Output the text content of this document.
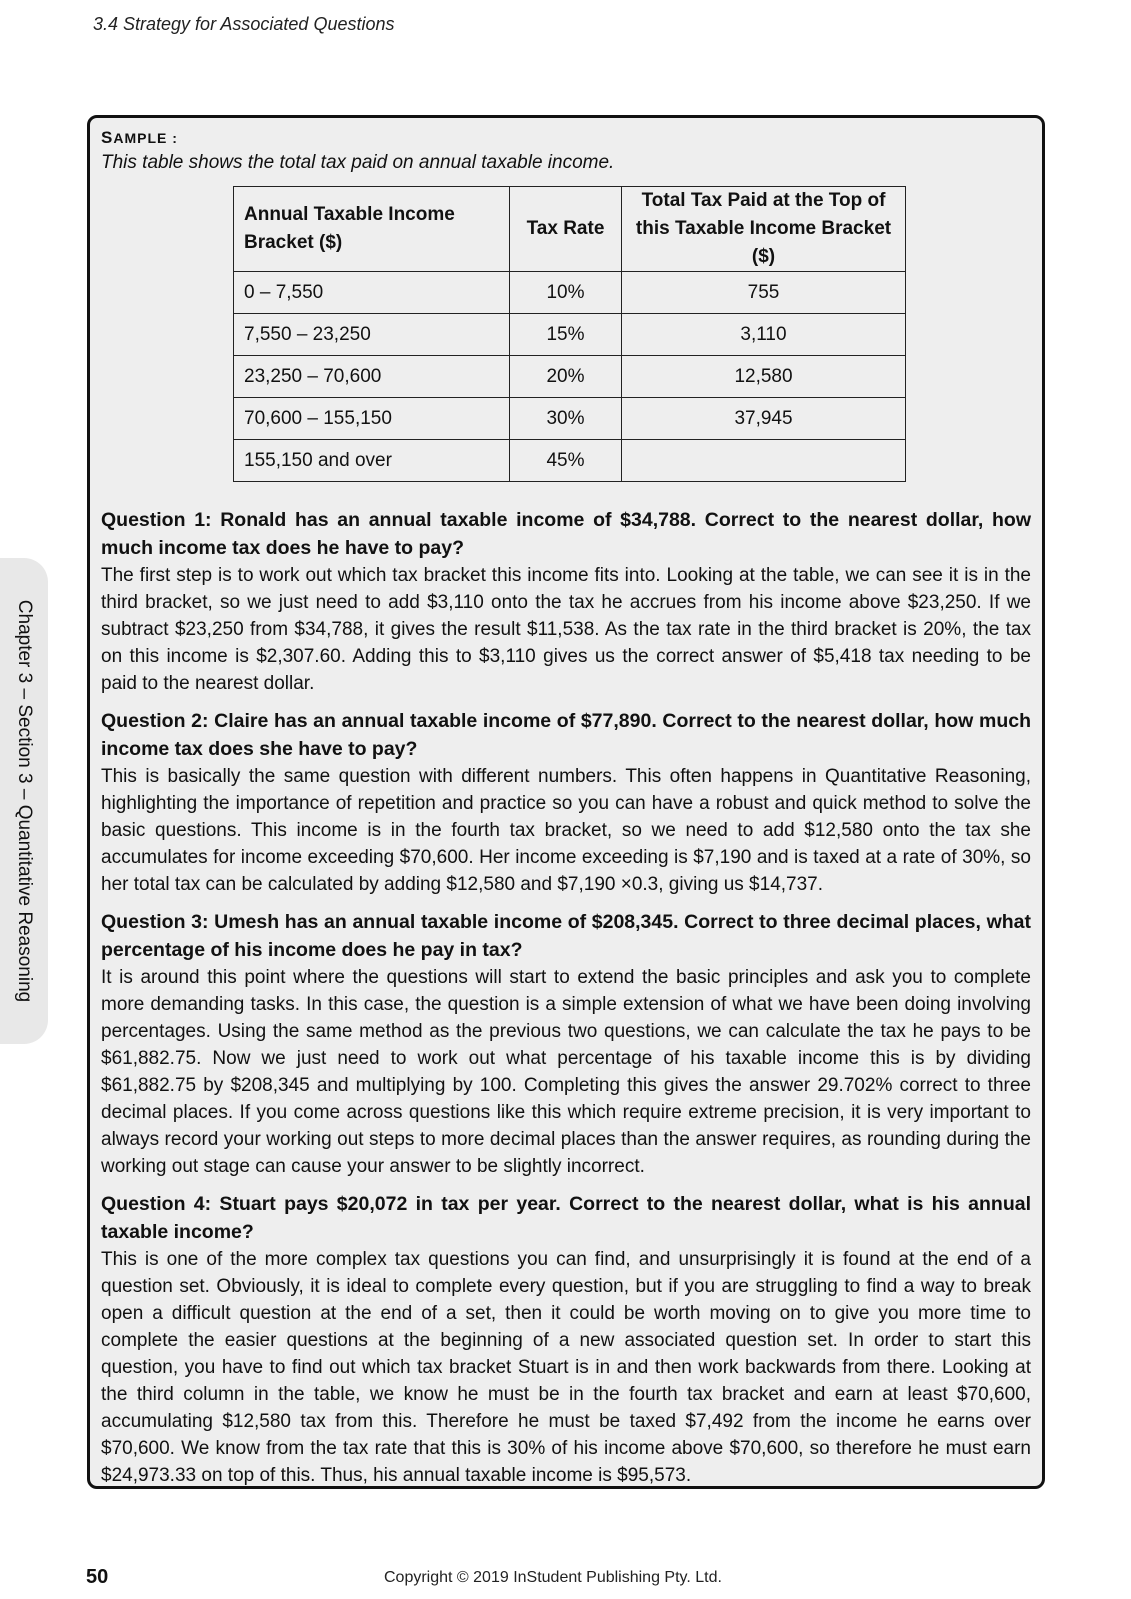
3.4 Strategy for Associated Questions
Chapter 3 – Section 3 – Quantitative Reasoning
SAMPLE :
This table shows the total tax paid on annual taxable income.
Annual Taxable Income Bracket ($)	Tax Rate	Total Tax Paid at the Top of this Taxable Income Bracket ($)
0 – 7,550	10%	755
7,550 – 23,250	15%	3,110
23,250 – 70,600	20%	12,580
70,600 – 155,150	30%	37,945
155,150 and over	45%	

Question 1: Ronald has an annual taxable income of $34,788. Correct to the nearest dollar, how much income tax does he have to pay?

The first step is to work out which tax bracket this income fits into. Looking at the table, we can see it is in the third bracket, so we just need to add $3,110 onto the tax he accrues from his income above $23,250. If we subtract $23,250 from $34,788, it gives the result $11,538. As the tax rate in the third bracket is 20%, the tax on this income is $2,307.60. Adding this to $3,110 gives us the correct answer of $5,418 tax needing to be paid to the nearest dollar.

Question 2: Claire has an annual taxable income of $77,890. Correct to the nearest dollar, how much income tax does she have to pay?

This is basically the same question with different numbers. This often happens in Quantitative Reasoning, highlighting the importance of repetition and practice so you can have a robust and quick method to solve the basic questions. This income is in the fourth tax bracket, so we need to add $12,580 onto the tax she accumulates for income exceeding $70,600. Her income exceeding is $7,190 and is taxed at a rate of 30%, so her total tax can be calculated by adding $12,580 and $7,190 ×0.3, giving us $14,737.

Question 3: Umesh has an annual taxable income of $208,345. Correct to three decimal places, what percentage of his income does he pay in tax?

It is around this point where the questions will start to extend the basic principles and ask you to complete more demanding tasks. In this case, the question is a simple extension of what we have been doing involving percentages. Using the same method as the previous two questions, we can calculate the tax he pays to be $61,882.75. Now we just need to work out what percentage of his taxable income this is by dividing $61,882.75 by $208,345 and multiplying by 100. Completing this gives the answer 29.702% correct to three decimal places. If you come across questions like this which require extreme precision, it is very important to always record your working out steps to more decimal places than the answer requires, as rounding during the working out stage can cause your answer to be slightly incorrect.

Question 4: Stuart pays $20,072 in tax per year. Correct to the nearest dollar, what is his annual taxable income?

This is one of the more complex tax questions you can find, and unsurprisingly it is found at the end of a question set. Obviously, it is ideal to complete every question, but if you are struggling to find a way to break open a difficult question at the end of a set, then it could be worth moving on to give you more time to complete the easier questions at the beginning of a new associated question set. In order to start this question, you have to find out which tax bracket Stuart is in and then work backwards from there. Looking at the third column in the table, we know he must be in the fourth tax bracket and earn at least $70,600, accumulating $12,580 tax from this. Therefore he must be taxed $7,492 from the income he earns over $70,600. We know from the tax rate that this is 30% of his income above $70,600, so therefore he must earn $24,973.33 on top of this. Thus, his annual taxable income is $95,573.

50	Copyright © 2019 InStudent Publishing Pty. Ltd.
